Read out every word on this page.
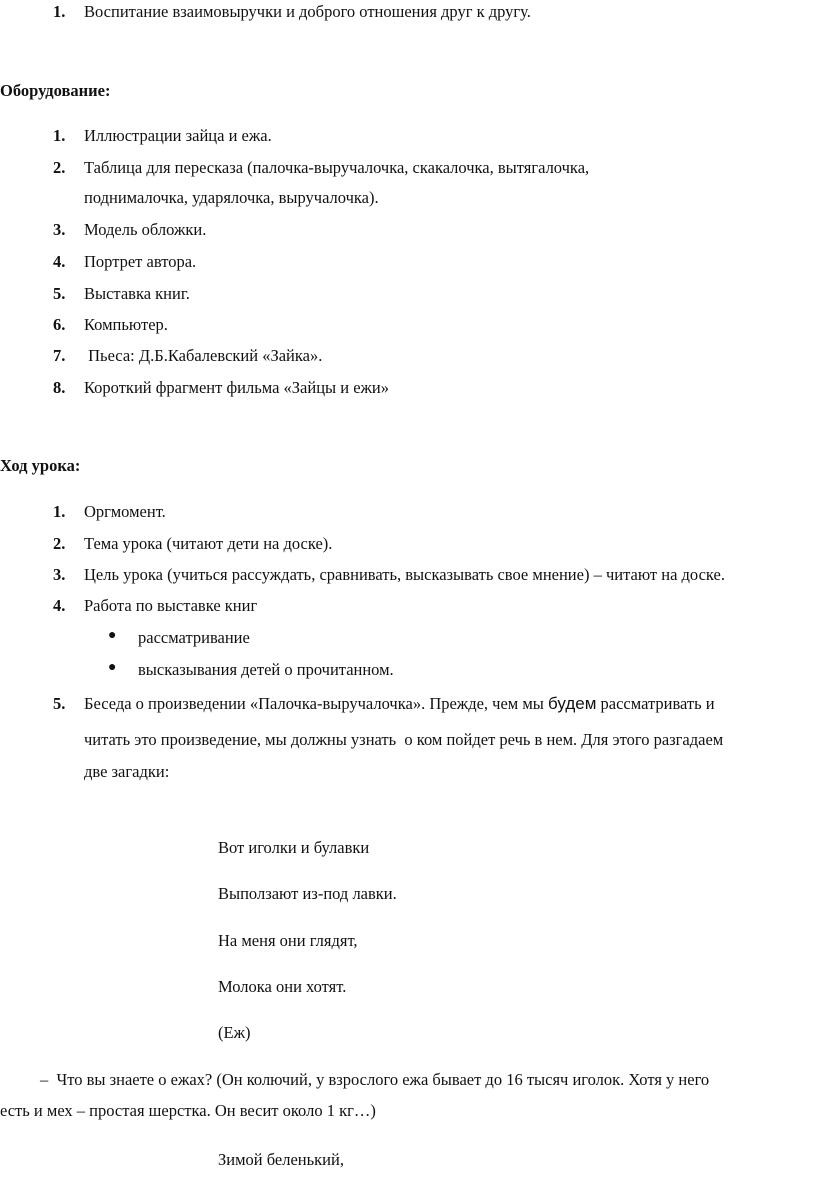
1. Воспитание взаимовыручки и доброго отношения друг к другу.
Оборудование:
1. Иллюстрации зайца и ежа.
2. Таблица для пересказа (палочка-выручалочка, скакалочка, вытягалочка,
поднималочка, ударялочка, выручалочка).
3. Модель обложки.
4. Портрет автора.
5. Выставка книг.
6. Компьютер.
7. Пьеса: Д.Б.Кабалевский «Зайка».
8. Короткий фрагмент фильма «Зайцы и ежи»
Ход урока:
1. Оргмомент.
2. Тема урока (читают дети на доске).
3. Цель урока (учиться рассуждать, сравнивать, высказывать свое мнение) – читают на доске.
4. Работа по выставке книг
● рассматривание
● высказывания детей о прочитанном.
5. Беседа о произведении «Палочка-выручалочка». Прежде, чем мы будем рассматривать и
читать это произведение, мы должны узнать  о ком пойдет речь в нем. Для этого разгадаем
две загадки:
Вот иголки и булавки
Выползают из-под лавки.
На меня они глядят,
Молока они хотят.
(Еж)
–  Что вы знаете о ежах? (Он колючий, у взрослого ежа бывает до 16 тысяч иголок. Хотя у него
есть и мех – простая шерстка. Он весит около 1 кг…)
Зимой беленький,
